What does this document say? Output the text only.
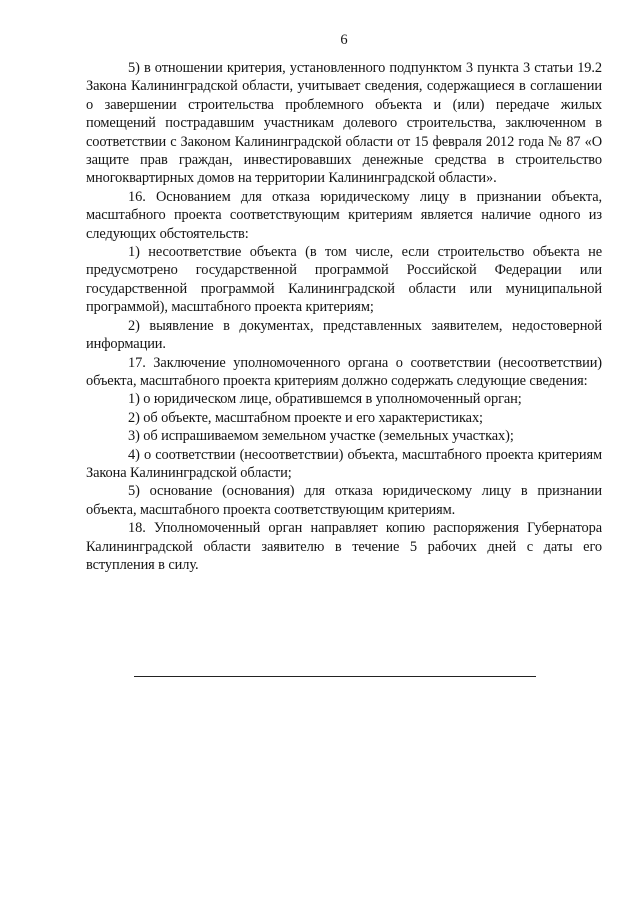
6

5) в отношении критерия, установленного подпунктом 3 пункта 3 статьи 19.2 Закона Калининградской области, учитывает сведения, содержащиеся в соглашении о завершении строительства проблемного объекта и (или) передаче жилых помещений пострадавшим участникам долевого строительства, заключенном в соответствии с Законом Калининградской области от 15 февраля 2012 года № 87 «О защите прав граждан, инвестировавших денежные средства в строительство многоквартирных домов на территории Калининградской области».

16. Основанием для отказа юридическому лицу в признании объекта, масштабного проекта соответствующим критериям является наличие одного из следующих обстоятельств:

1) несоответствие объекта (в том числе, если строительство объекта не предусмотрено государственной программой Российской Федерации или государственной программой Калининградской области или муниципальной программой), масштабного проекта критериям;

2) выявление в документах, представленных заявителем, недостоверной информации.

17. Заключение уполномоченного органа о соответствии (несоответствии) объекта, масштабного проекта критериям должно содержать следующие сведения:

1) о юридическом лице, обратившемся в уполномоченный орган;

2) об объекте, масштабном проекте и его характеристиках;

3) об испрашиваемом земельном участке (земельных участках);

4) о соответствии (несоответствии) объекта, масштабного проекта критериям Закона Калининградской области;

5) основание (основания) для отказа юридическому лицу в признании объекта, масштабного проекта соответствующим критериям.

18. Уполномоченный орган направляет копию распоряжения Губернатора Калининградской области заявителю в течение 5 рабочих дней с даты его вступления в силу.
